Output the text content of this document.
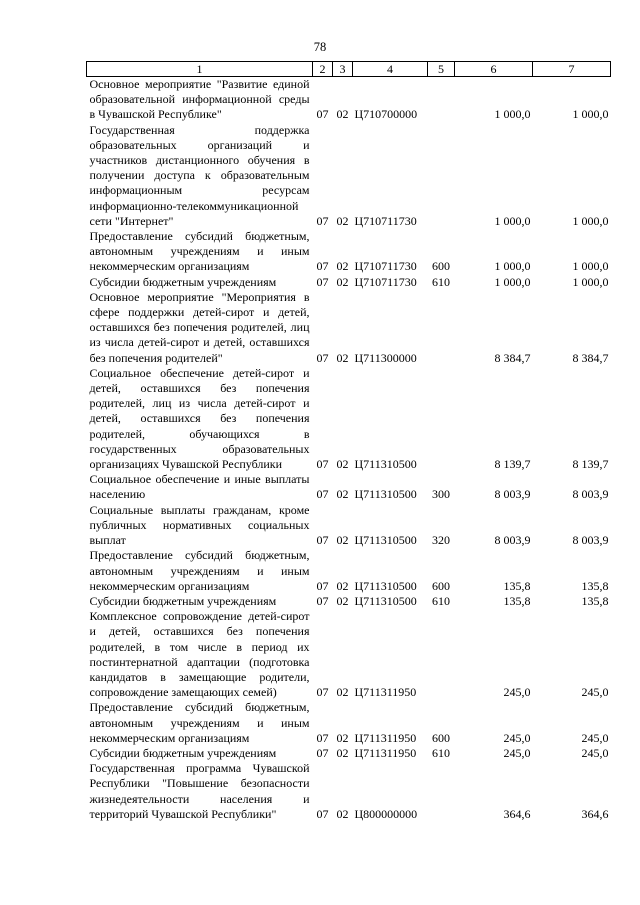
78
1	2	3	4	5	6	7
Основное мероприятие "Развитие единой образовательной информационной среды в Чувашской Республике"	07	02	Ц710700000		1 000,0	1 000,0
Государственная поддержка образовательных организаций и участников дистанционного обучения в получении доступа к образовательным информационным ресурсам информационно-телекоммуникационной сети "Интернет"	07	02	Ц710711730		1 000,0	1 000,0
Предоставление субсидий бюджетным, автономным учреждениям и иным некоммерческим организациям	07	02	Ц710711730	600	1 000,0	1 000,0
Субсидии бюджетным учреждениям	07	02	Ц710711730	610	1 000,0	1 000,0
Основное мероприятие "Мероприятия в сфере поддержки детей-сирот и детей, оставшихся без попечения родителей, лиц из числа детей-сирот и детей, оставшихся без попечения родителей"	07	02	Ц711300000		8 384,7	8 384,7
Социальное обеспечение детей-сирот и детей, оставшихся без попечения родителей, лиц из числа детей-сирот и детей, оставшихся без попечения родителей, обучающихся в государственных образовательных организациях Чувашской Республики	07	02	Ц711310500		8 139,7	8 139,7
Социальное обеспечение и иные выплаты населению	07	02	Ц711310500	300	8 003,9	8 003,9
Социальные выплаты гражданам, кроме публичных нормативных социальных выплат	07	02	Ц711310500	320	8 003,9	8 003,9
Предоставление субсидий бюджетным, автономным учреждениям и иным некоммерческим организациям	07	02	Ц711310500	600	135,8	135,8
Субсидии бюджетным учреждениям	07	02	Ц711310500	610	135,8	135,8
Комплексное сопровождение детей-сирот и детей, оставшихся без попечения родителей, в том числе в период их постинтернатной адаптации (подготовка кандидатов в замещающие родители, сопровождение замещающих семей)	07	02	Ц711311950		245,0	245,0
Предоставление субсидий бюджетным, автономным учреждениям и иным некоммерческим организациям	07	02	Ц711311950	600	245,0	245,0
Субсидии бюджетным учреждениям	07	02	Ц711311950	610	245,0	245,0
Государственная программа Чувашской Республики "Повышение безопасности жизнедеятельности населения и территорий Чувашской Республики"	07	02	Ц800000000		364,6	364,6
